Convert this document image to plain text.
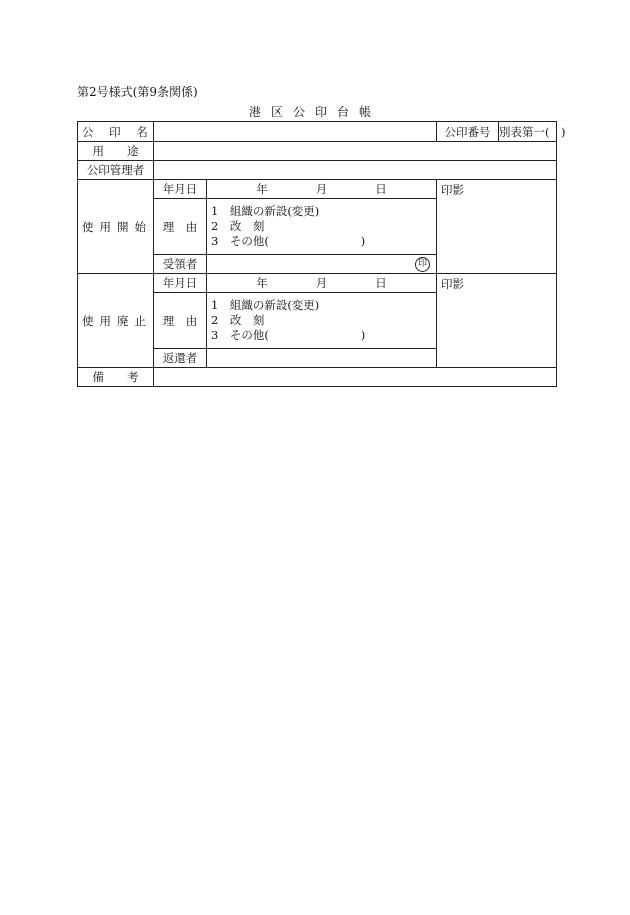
第2号様式(第9条関係)
港区公印台帳
公 印 名			公印番号	別表第一(　)

用　　途	
公印管理者	
使用開始	年月日	年	月	日	印影
理　由	
1　組織の新設(変更)
2　改　刻
3　その他(　　　　　　　　)

受領者	印

使用廃止	年月日	年	月	日	印影
理　由	
1　組織の新設(変更)
2　改　刻
3　その他(　　　　　　　　)

返還者	
備　　考	
